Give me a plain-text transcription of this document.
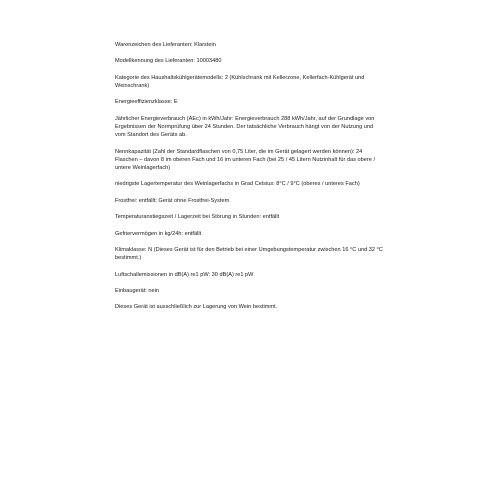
Warenzeichen des Lieferanten: Klarstein

Modellkennung des Lieferanten: 10003480

Kategorie des Haushaltskühlgerätemodells: 2 (Kühlschrank mit Kellerzone, Kellerfach-Kühlgerät und Weinschrank)

Energieeffizienzklasse: E

Jährlicher Energieverbrauch (AEc) in kWh/Jahr: Energieverbrauch 288 kWh/Jahr, auf der Grundlage von Ergebnissen der Normprüfung über 24 Stunden. Der tatsächliche Verbrauch hängt von der Nutzung und vom Standort des Geräts ab.

Nennkapazität (Zahl der Standardflaschen von 0,75 Liter, die im Gerät gelagert werden können): 24 Flaschen – davon 8 im oberen Fach und 16 im unteren Fach (bei 25 / 45 Litern Nutzinhalt für das obere / untere Weinlagerfach)

niedrigste Lagertemperatur des Weinlagerfachs in Grad Celsius: 8°C / 9°C (oberes / unteres Fach)

Frostfrei: entfällt; Gerät ohne Frostfrei-System

Temperaturanstiegszeit / Lagerzeit bei Störung in Stunden: entfällt

Gefriervermögen in kg/24h: entfällt

Klimaklasse: N (Dieses Gerät ist für den Betrieb bei einer Umgebungstemperatur zwischen 16 °C und 32 °C bestimmt.)

Luftschallemissionen in dB(A) re1 pW: 30 dB(A) re1 pW

Einbaugerät: nein

Dieses Gerät ist ausschließlich zur Lagerung von Wein bestimmt.
